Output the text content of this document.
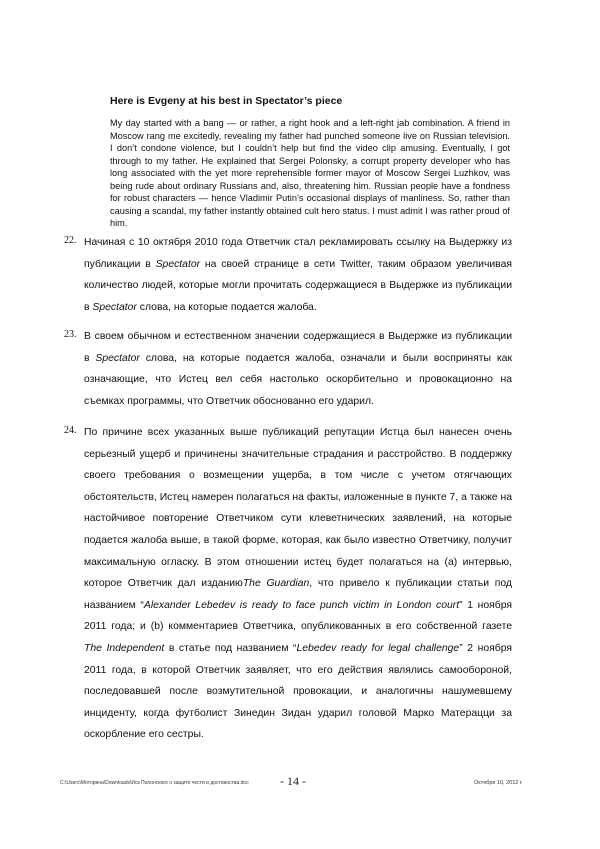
Here is Evgeny at his best in Spectator’s piece

My day started with a bang — or rather, a right hook and a left-right jab combination. A friend in Moscow rang me excitedly, revealing my father had punched someone live on Russian television. I don’t condone violence, but I couldn’t help but find the video clip amusing. Eventually, I got through to my father. He explained that Sergei Polonsky, a corrupt property developer who has long associated with the yet more reprehensible former mayor of Moscow Sergei Luzhkov, was being rude about ordinary Russians and, also, threatening him. Russian people have a fondness for robust characters — hence Vladimir Putin’s occasional displays of manliness. So, rather than causing a scandal, my father instantly obtained cult hero status. I must admit I was rather proud of him.

22. Начиная с 10 октября 2010 года Ответчик стал рекламировать ссылку на Выдержку из публикации в Spectator на своей странице в сети Twitter, таким образом увеличивая количество людей, которые могли прочитать содержащиеся в Выдержке из публикации в Spectator слова, на которые подается жалоба.

23. В своем обычном и естественном значении содержащиеся в Выдержке из публикации в Spectator слова, на которые подается жалоба, означали и были восприняты как означающие, что Истец вел себя настолько оскорбительно и провокационно на съемках программы, что Ответчик обоснованно его ударил.

24. По причине всех указанных выше публикаций репутации Истца был нанесен очень серьезный ущерб и причинены значительные страдания и расстройство. В поддержку своего требования о возмещении ущерба, в том числе с учетом отягчающих обстоятельств, Истец намерен полагаться на факты, изложенные в пункте 7, а также на настойчивое повторение Ответчиком сути клеветнических заявлений, на которые подается жалоба выше, в такой форме, которая, как было известно Ответчику, получит максимальную огласку. В этом отношении истец будет полагаться на (а) интервью, которое Ответчик дал изданиюThe Guardian, что привело к публикации статьи под названием “Alexander Lebedev is ready to face punch victim in London court” 1 ноября 2011 года; и (b) комментариев Ответчика, опубликованных в его собственной газете The Independent в статье под названием “Lebedev ready for legal challenge” 2 ноября 2011 года, в которой Ответчик заявляет, что его действия являлись самообороной, последовавшей после возмутительной провокации, и аналогичны нашумевшему инциденту, когда футболист Зинедин Зидан ударил головой Марко Матерацци за оскорбление его сестры.

C:\Users\Моторина\Downloads\Иск Полонского о защите чести и достоинства.doc	- 14 -	Октября 10, 2012 г.
